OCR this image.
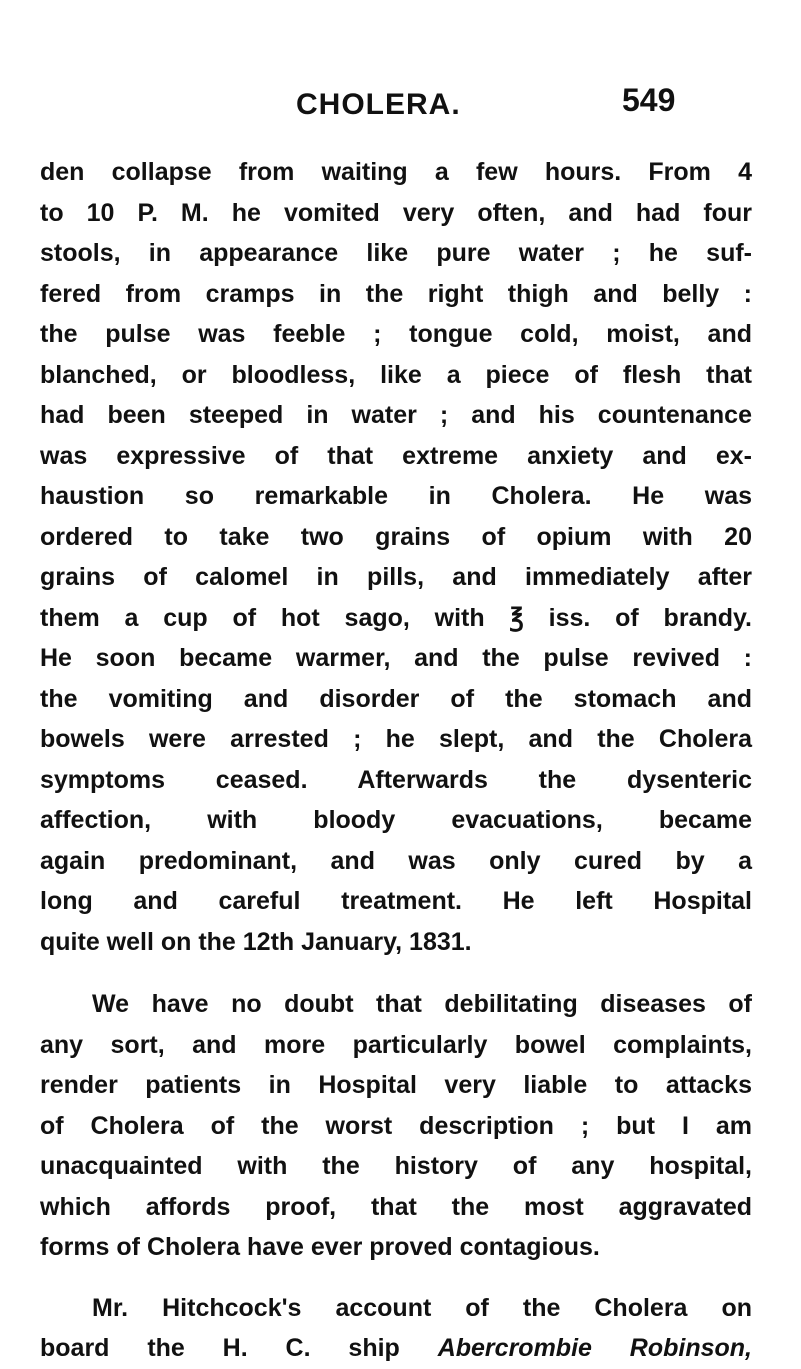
CHOLERA.	549
den collapse from waiting a few hours. From 4
to 10 P. M. he vomited very often, and had four
stools, in appearance like pure water ; he suf-
fered from cramps in the right thigh and belly :
the pulse was feeble ; tongue cold, moist, and
blanched, or bloodless, like a piece of flesh that
had been steeped in water ; and his countenance
was expressive of that extreme anxiety and ex-
haustion so remarkable in Cholera. He was
ordered to take two grains of opium with 20
grains of calomel in pills, and immediately after
them a cup of hot sago, with ℥ iss. of brandy.
He soon became warmer, and the pulse revived :
the vomiting and disorder of the stomach and
bowels were arrested ; he slept, and the Cholera
symptoms ceased. Afterwards the dysenteric
affection, with bloody evacuations, became
again predominant, and was only cured by a
long and careful treatment. He left Hospital
quite well on the 12th January, 1831.
We have no doubt that debilitating diseases of
any sort, and more particularly bowel complaints,
render patients in Hospital very liable to attacks
of Cholera of the worst description ; but I am
unacquainted with the history of any hospital,
which affords proof, that the most aggravated
forms of Cholera have ever proved contagious.
Mr. Hitchcock's account of the Cholera on
board the H. C. ship Abercrombie Robinson,
